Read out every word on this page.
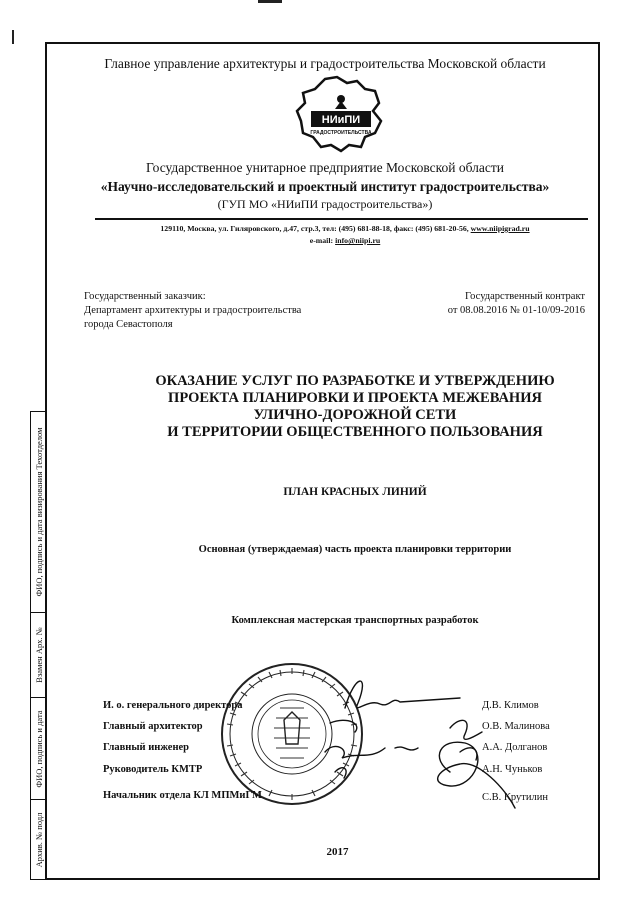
Главное управление архитектуры и градостроительства Московской области
НИиПИ
ГРАДОСТРОИТЕЛЬСТВА
Государственное унитарное предприятие Московской области
«Научно-исследовательский и проектный институт градостроительства»
(ГУП МО «НИиПИ градостроительства»)
129110, Москва, ул. Гиляровского, д.47, стр.3, тел: (495) 681-88-18, факс: (495) 681-20-56, www.niipigrad.ru
e-mail: info@niipi.ru
Государственный заказчик:
Департамент архитектуры и градостроительства
города Севастополя
Государственный контракт
от 08.08.2016 № 01-10/09-2016
ОКАЗАНИЕ УСЛУГ ПО РАЗРАБОТКЕ И УТВЕРЖДЕНИЮ
ПРОЕКТА ПЛАНИРОВКИ И ПРОЕКТА МЕЖЕВАНИЯ
УЛИЧНО-ДОРОЖНОЙ СЕТИ
И ТЕРРИТОРИИ ОБЩЕСТВЕННОГО ПОЛЬЗОВАНИЯ
ПЛАН КРАСНЫХ ЛИНИЙ
Основная (утверждаемая) часть проекта планировки территории
Комплексная мастерская транспортных разработок
И. о. генерального директора	Д.В. Климов
Главный архитектор	О.В. Малинова
Главный инженер	А.А. Долганов
Руководитель КМТР	А.Н. Чуньков
Начальник отдела КЛ МПМиГМ	С.В. Крутилин
2017
ФИО, подпись и дата визирования Техотделом
Взамен Арх. №
ФИО, подпись и дата
Архив. № подл
